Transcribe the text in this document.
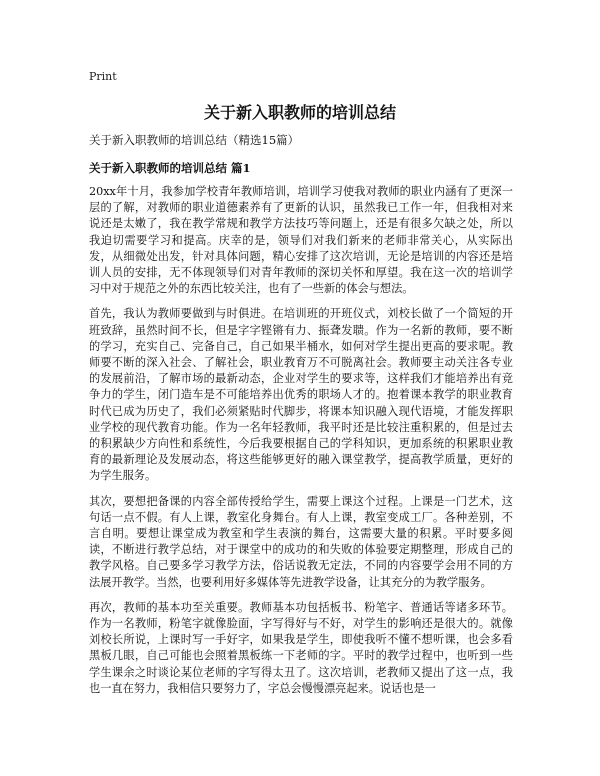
Print
关于新入职教师的培训总结

关于新入职教师的培训总结（精选15篇）

关于新入职教师的培训总结 篇1

20xx年十月，我参加学校青年教师培训，培训学习使我对教师的职业内涵有了更深一层的了解，对教师的职业道德素养有了更新的认识，虽然我已工作一年，但我相对来说还是太嫩了，我在教学常规和教学方法技巧等问题上，还是有很多欠缺之处，所以我迫切需要学习和提高。庆幸的是，领导们对我们新来的老师非常关心，从实际出发，从细微处出发，针对具体问题，精心安排了这次培训，无论是培训的内容还是培训人员的安排，无不体现领导们对青年教师的深切关怀和厚望。我在这一次的培训学习中对于规范之外的东西比较关注，也有了一些新的体会与想法。

首先，我认为教师要做到与时俱进。在培训班的开班仪式，刘校长做了一个简短的开班致辞，虽然时间不长，但是字字铿锵有力、振聋发聩。作为一名新的教师，要不断的学习，充实自己、完备自己，自己如果半桶水，如何对学生提出更高的要求呢。教师要不断的深入社会、了解社会，职业教育万不可脱离社会。教师要主动关注各专业的发展前沿，了解市场的最新动态，企业对学生的要求等，这样我们才能培养出有竞争力的学生，闭门造车是不可能培养出优秀的职场人才的。抱着课本教学的职业教育时代已成为历史了，我们必须紧贴时代脚步，将课本知识融入现代语境，才能发挥职业学校的现代教育功能。作为一名年轻教师，我平时还是比较注重积累的，但是过去的积累缺少方向性和系统性，今后我要根据自己的学科知识，更加系统的积累职业教育的最新理论及发展动态，将这些能够更好的融入课堂教学，提高教学质量，更好的为学生服务。

其次，要想把备课的内容全部传授给学生，需要上课这个过程。上课是一门艺术，这句话一点不假。有人上课，教室化身舞台。有人上课，教室变成工厂。各种差别，不言自明。要想让课堂成为教室和学生表演的舞台，这需要大量的积累。平时要多阅读，不断进行教学总结，对于课堂中的成功的和失败的体验要定期整理，形成自己的教学风格。自己要多学习教学方法，俗话说教无定法，不同的内容要学会用不同的方法展开教学。当然，也要利用好多媒体等先进教学设备，让其充分的为教学服务。

再次，教师的基本功至关重要。教师基本功包括板书、粉笔字、普通话等诸多环节。作为一名教师，粉笔字就像脸面，字写得好与不好，对学生的影响还是很大的。就像刘校长所说，上课时写一手好字，如果我是学生，即使我听不懂不想听课，也会多看黑板几眼，自己可能也会照着黑板练一下老师的字。平时的教学过程中，也听到一些学生课余之时谈论某位老师的字写得太丑了。这次培训，老教师又提出了这一点，我也一直在努力，我相信只要努力了，字总会慢慢漂亮起来。说话也是一
